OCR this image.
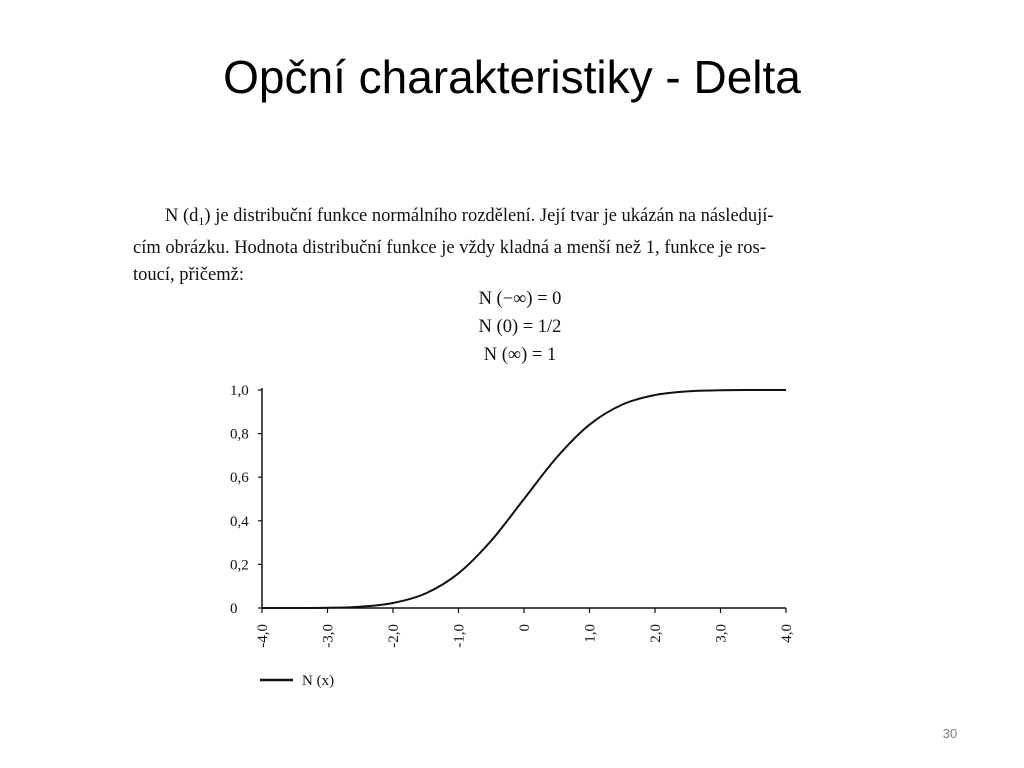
Opční charakteristiky - Delta
N $(d_1)$ je distribuční funkce normálního rozdělení. Její tvar je ukázán na následují-
cím obrázku. Hodnota distribuční funkce je vždy kladná a menší než 1, funkce je ros-
toucí, přičemž:
N (−∞) = 0
N (0) = 1/2
N (∞) = 1
0
0,2
0,4
0,6
0,8
1,0
-4,0	-3,0	-2,0	-1,0	0	1,0	2,0	3,0	4,0
N (x)
30
